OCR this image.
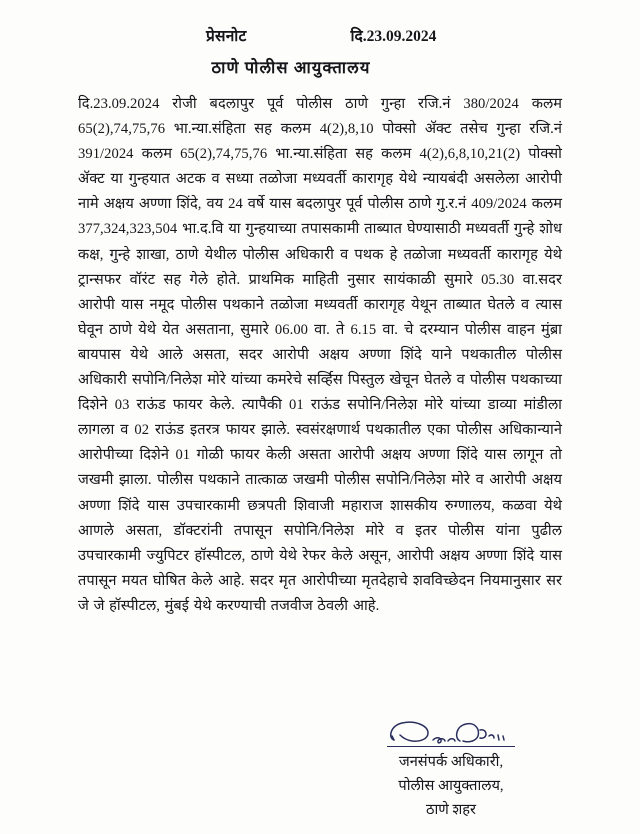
प्रेसनोट	दि.23.09.2024
ठाणे पोलीस आयुक्तालय

दि.23.09.2024 रोजी बदलापुर पूर्व पोलीस ठाणे गुन्हा रजि.नं 380/2024 कलम 65(2),74,75,76 भा.न्या.संहिता सह कलम 4(2),8,10 पोक्सो ॲक्ट तसेच गुन्हा रजि.नं 391/2024 कलम 65(2),74,75,76 भा.न्या.संहिता सह कलम 4(2),6,8,10,21(2) पोक्सो ॲक्ट या गुन्हयात अटक व सध्या तळोजा मध्यवर्ती कारागृह येथे न्यायबंदी असलेला आरोपी नामे अक्षय अण्णा शिंदे, वय 24 वर्षे यास बदलापुर पूर्व पोलीस ठाणे गु.र.नं 409/2024 कलम 377,324,323,504 भा.द.वि या गुन्हयाच्या तपासकामी ताब्यात घेण्यासाठी मध्यवर्ती गुन्हे शोध कक्ष, गुन्हे शाखा, ठाणे येथील पोलीस अधिकारी व पथक हे तळोजा मध्यवर्ती कारागृह येथे ट्रान्सफर वॉरंट सह गेले होते. प्राथमिक माहिती नुसार सायंकाळी सुमारे 05.30 वा.सदर आरोपी यास नमूद पोलीस पथकाने तळोजा मध्यवर्ती कारागृह येथून ताब्यात घेतले व त्यास घेवून ठाणे येथे येत असताना, सुमारे 06.00 वा. ते 6.15 वा. चे दरम्यान पोलीस वाहन मुंब्रा बायपास येथे आले असता, सदर आरोपी अक्षय अण्णा शिंदे याने पथकातील पोलीस अधिकारी सपोनि/निलेश मोरे यांच्या कमरेचे सर्व्हिस पिस्तुल खेचून घेतले व पोलीस पथकाच्या दिशेने 03 राऊंड फायर केले. त्यापैकी 01 राऊंड सपोनि/निलेश मोरे यांच्या डाव्या मांडीला लागला व 02 राऊंड इतरत्र फायर झाले. स्वसंरक्षणार्थ पथकातील एका पोलीस अधिकान्याने आरोपीच्या दिशेने 01 गोळी फायर केली असता आरोपी अक्षय अण्णा शिंदे यास लागून तो जखमी झाला. पोलीस पथकाने तात्काळ जखमी पोलीस सपोनि/निलेश मोरे व आरोपी अक्षय अण्णा शिंदे यास उपचारकामी छत्रपती शिवाजी महाराज शासकीय रुग्णालय, कळवा येथे आणले असता, डॉक्टरांनी तपासून सपोनि/निलेश मोरे व इतर पोलीस यांना पुढील उपचारकामी ज्युपिटर हॉस्पीटल, ठाणे येथे रेफर केले असून, आरोपी अक्षय अण्णा शिंदे यास तपासून मयत घोषित केले आहे. सदर मृत आरोपीच्या मृतदेहाचे शवविच्छेदन नियमानुसार सर जे जे हॉस्पीटल, मुंबई येथे करण्याची तजवीज ठेवली आहे.

जनसंपर्क अधिकारी,
पोलीस आयुक्तालय,
ठाणे शहर
